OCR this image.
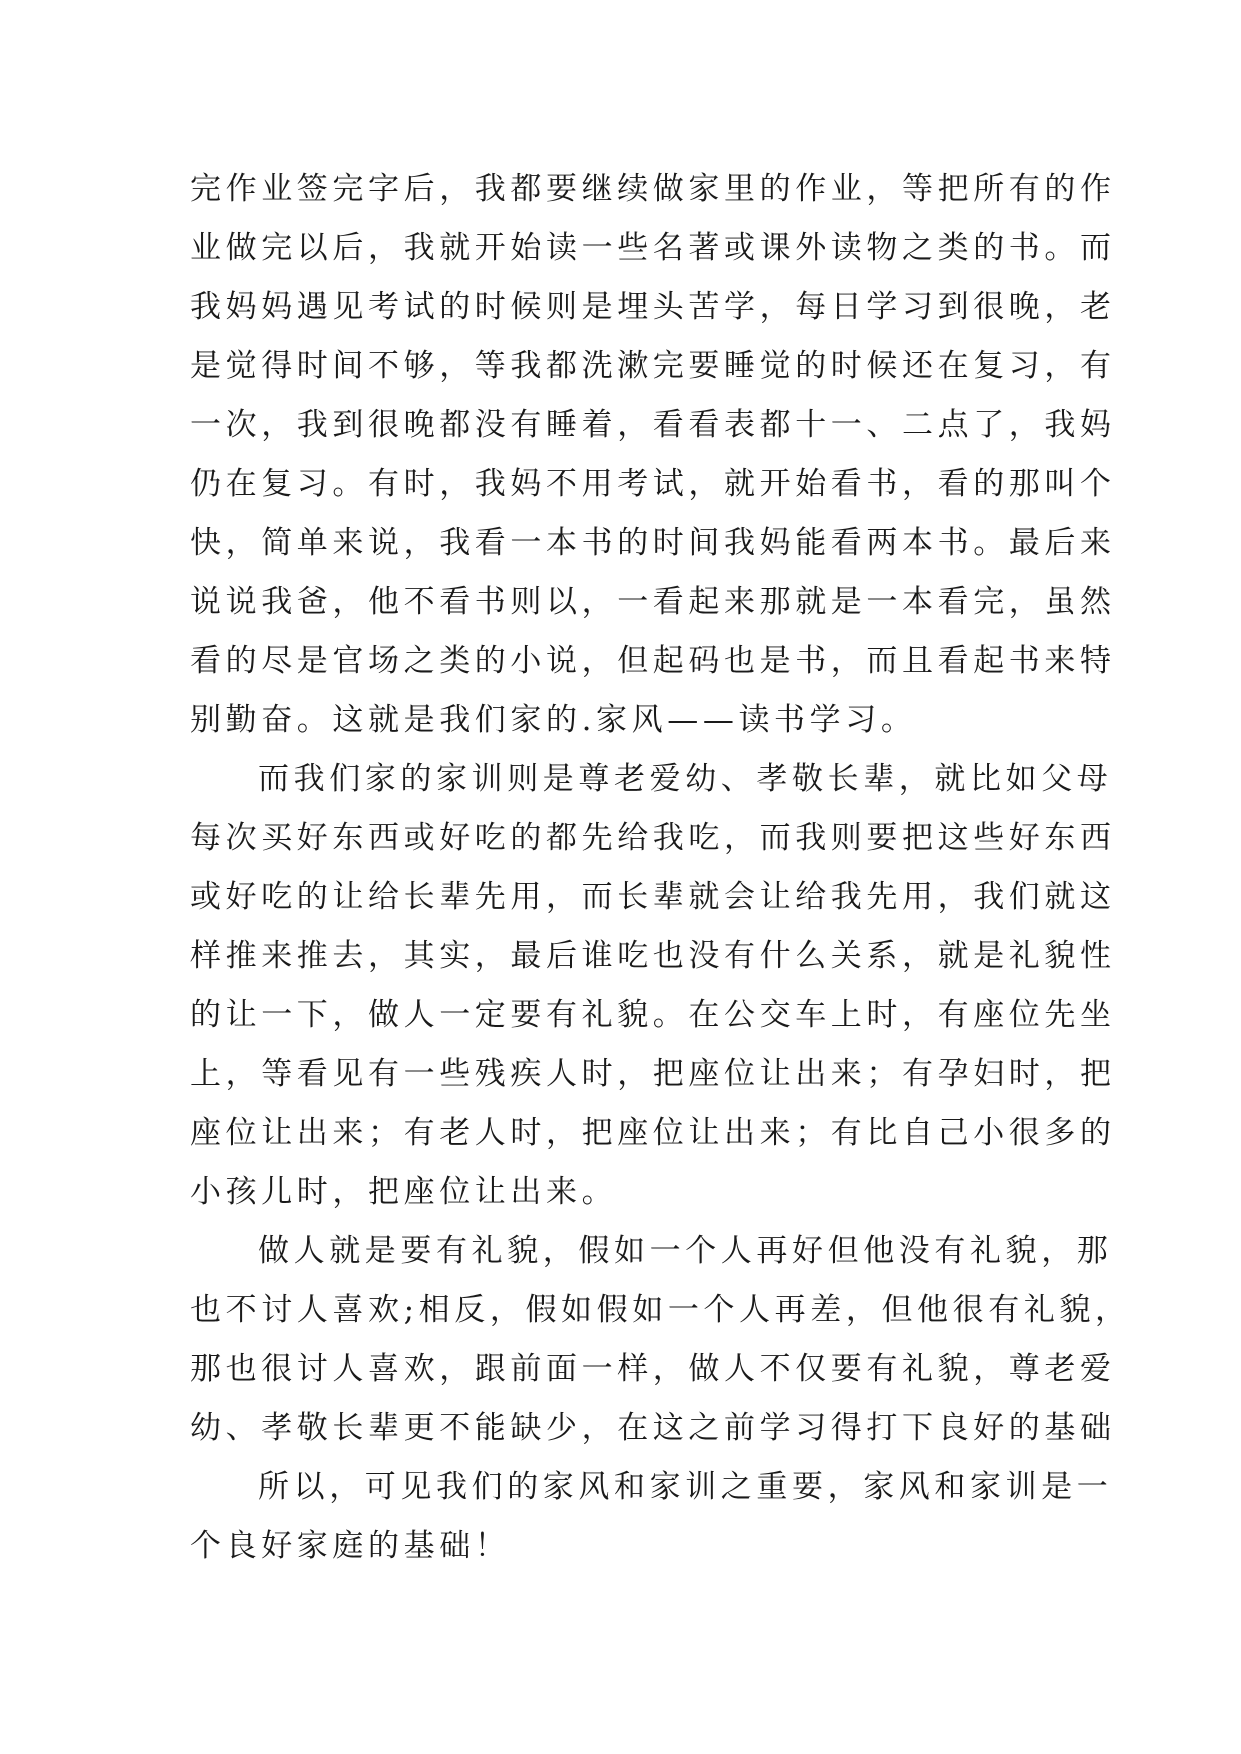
完作业签完字后，我都要继续做家里的作业，等把所有的作
业做完以后，我就开始读一些名著或课外读物之类的书。而
我妈妈遇见考试的时候则是埋头苦学，每日学习到很晚，老
是觉得时间不够，等我都洗漱完要睡觉的时候还在复习，有
一次，我到很晚都没有睡着，看看表都十一、二点了，我妈
仍在复习。有时，我妈不用考试，就开始看书，看的那叫个
快，简单来说，我看一本书的时间我妈能看两本书。最后来
说说我爸，他不看书则以，一看起来那就是一本看完，虽然
看的尽是官场之类的小说，但起码也是书，而且看起书来特
别勤奋。这就是我们家的.家风——读书学习。
而我们家的家训则是尊老爱幼、孝敬长辈，就比如父母
每次买好东西或好吃的都先给我吃，而我则要把这些好东西
或好吃的让给长辈先用，而长辈就会让给我先用，我们就这
样推来推去，其实，最后谁吃也没有什么关系，就是礼貌性
的让一下，做人一定要有礼貌。在公交车上时，有座位先坐
上，等看见有一些残疾人时，把座位让出来；有孕妇时，把
座位让出来；有老人时，把座位让出来；有比自己小很多的
小孩儿时，把座位让出来。
做人就是要有礼貌，假如一个人再好但他没有礼貌，那
也不讨人喜欢;相反，假如假如一个人再差，但他很有礼貌，
那也很讨人喜欢，跟前面一样，做人不仅要有礼貌，尊老爱
幼、孝敬长辈更不能缺少，在这之前学习得打下良好的基础
所以，可见我们的家风和家训之重要，家风和家训是一
个良好家庭的基础！
